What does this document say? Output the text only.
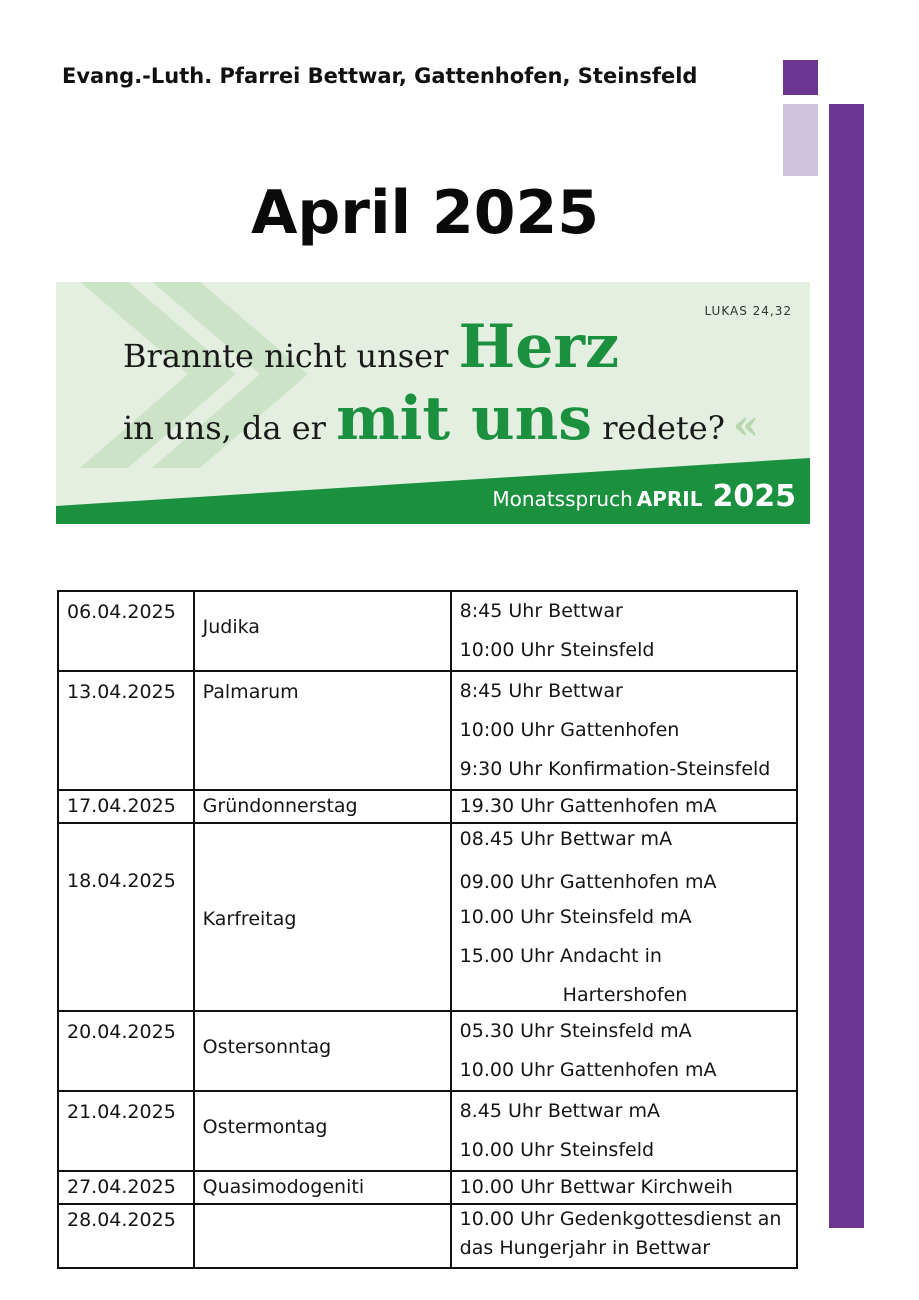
Evang.-Luth. Pfarrei Bettwar, Gattenhofen, Steinsfeld
April 2025
LUKAS 24,32
Brannte nicht unser Herz
in uns, da er mit uns redete? «
Monatsspruch APRIL 2025
06.04.2025	Judika	8:45 Uhr Bettwar
10:00 Uhr Steinsfeld

13.04.2025	Palmarum	8:45 Uhr Bettwar
10:00 Uhr Gattenhofen
9:30 Uhr Konfirmation-Steinsfeld

17.04.2025	Gründonnerstag	19.30 Uhr Gattenhofen mA

18.04.2025	Karfreitag	08.45 Uhr Bettwar mA
09.00 Uhr Gattenhofen mA
10.00 Uhr Steinsfeld mA
15.00 Uhr Andacht in
Hartershofen

20.04.2025	Ostersonntag	05.30 Uhr Steinsfeld mA
10.00 Uhr Gattenhofen mA

21.04.2025	Ostermontag	8.45 Uhr Bettwar mA
10.00 Uhr Steinsfeld

27.04.2025	Quasimodogeniti	10.00 Uhr Bettwar Kirchweih

28.04.2025		10.00 Uhr Gedenkgottesdienst an das Hungerjahr in Bettwar
